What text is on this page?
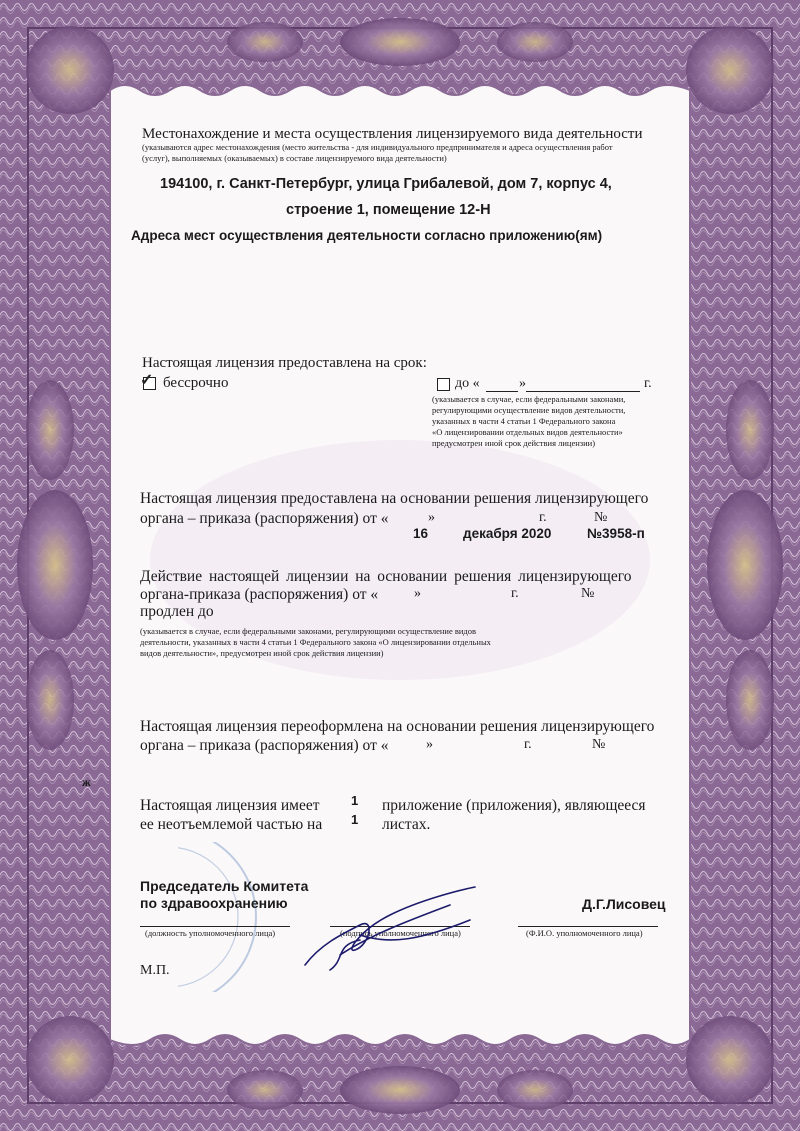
Местонахождение и места осуществления лицензируемого вида деятельности
(указываются адрес местонахождения (место жительства - для индивидуального предпринимателя и адреса осуществления работ
(услуг), выполняемых (оказываемых) в составе лицензируемого вида деятельности)
194100, г. Санкт-Петербург, улица Грибалевой, дом 7, корпус 4,
строение 1, помещение 12-Н
Адреса мест осуществления деятельности согласно приложению(ям)
Настоящая лицензия предоставлена на срок:
✓ бессрочно	до «	»	г.
(указывается в случае, если федеральными законами,
регулирующими осуществление видов деятельности,
указанных в части 4 статьи 1 Федерального закона
«О лицензировании отдельных видов деятельности»
предусмотрен иной срок действия лицензии)
Настоящая лицензия предоставлена на основании решения лицензирующего
органа – приказа (распоряжения) от «	»	г.	№
16	декабря 2020	№3958-п
Действие настоящей лицензии на основании решения лицензирующего
органа-приказа (распоряжения) от «	»	г.	№
продлен до
(указывается в случае, если федеральными законами, регулирующими осуществление видов
деятельности, указанных в части 4 статьи 1 Федерального закона «О лицензировании отдельных
видов деятельности», предусмотрен иной срок действия лицензии)
Настоящая лицензия переоформлена на основании решения лицензирующего
органа – приказа (распоряжения) от «	»	г.	№
ж
Настоящая лицензия имеет
ее неотъемлемой частью на
1
1
приложение (приложения), являющееся
листах.
Председатель Комитета
по здравоохранению	Д.Г.Лисовец
(должность уполномоченного лица)	(подпись уполномоченного лица)	(Ф.И.О. уполномоченного лица)
М.П.
